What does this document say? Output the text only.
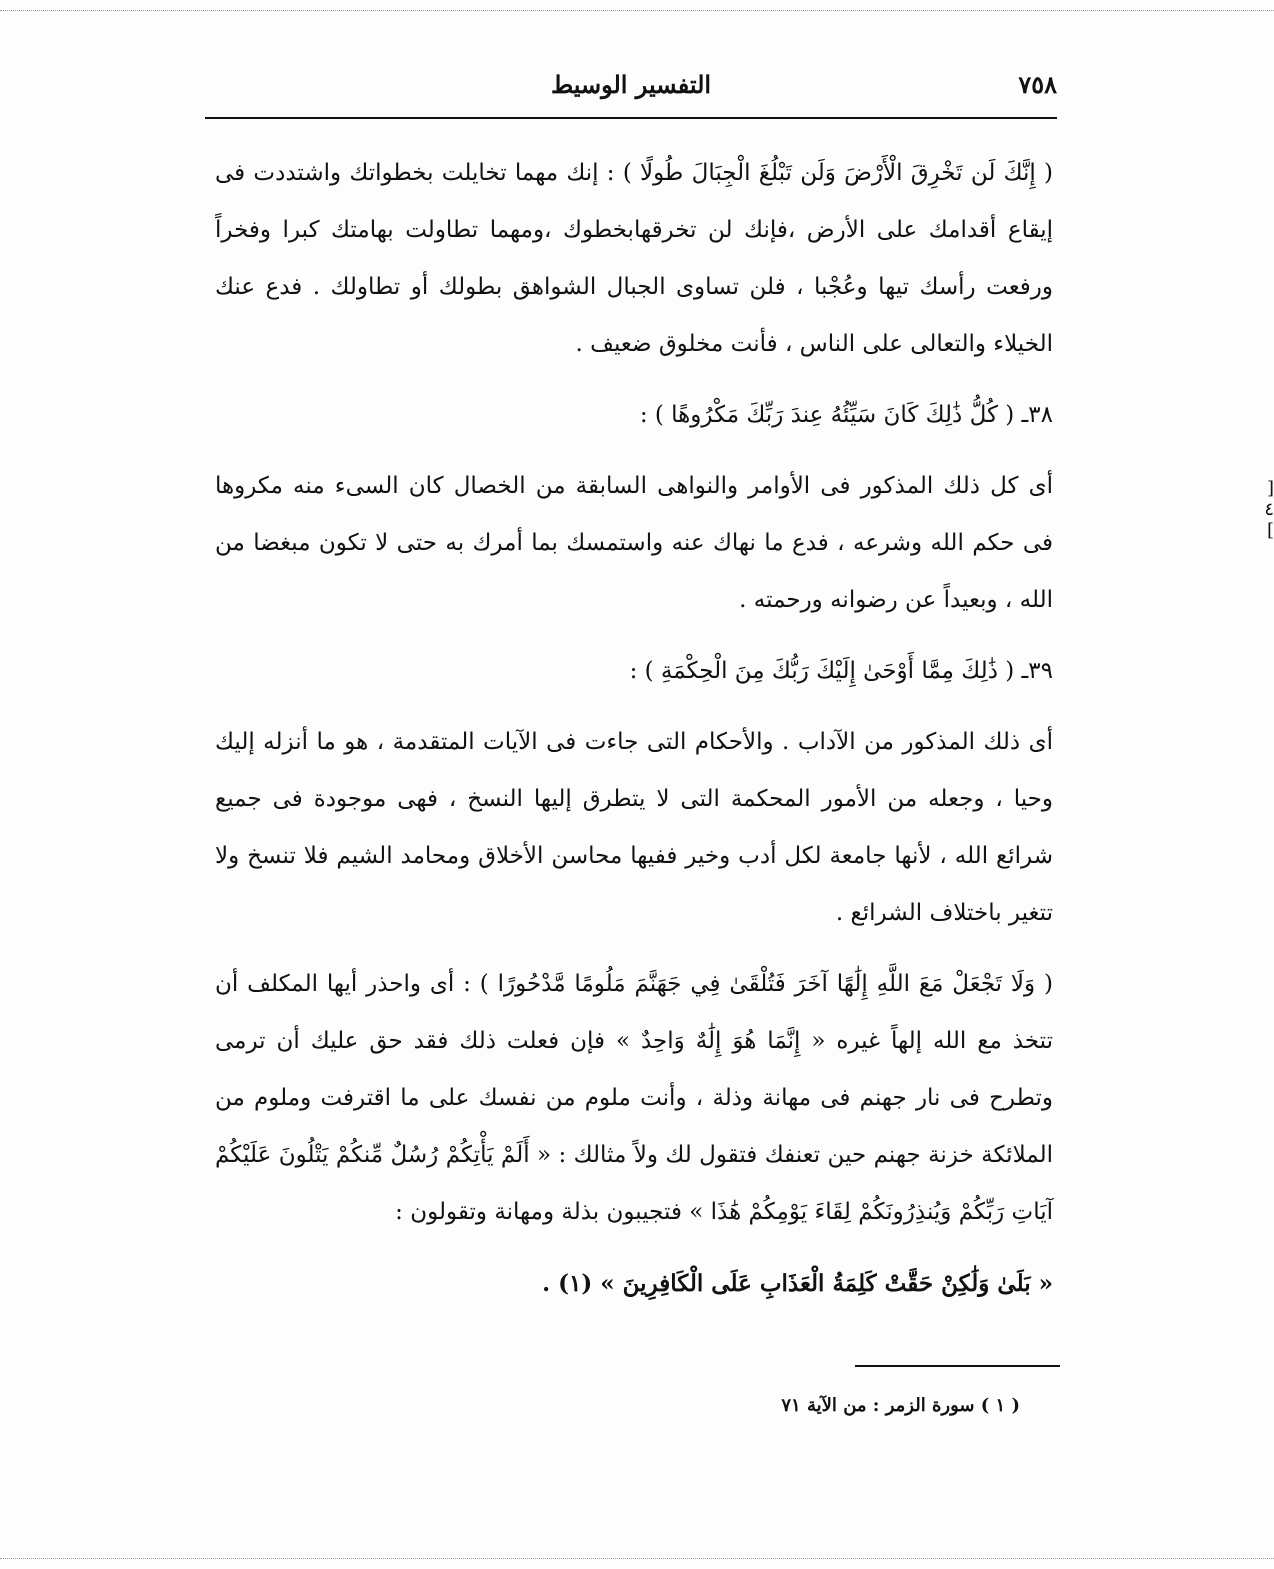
٧٥٨
التفسير الوسيط
[ ٤ ]

( إِنَّكَ لَن تَخْرِقَ الْأَرْضَ وَلَن تَبْلُغَ الْجِبَالَ طُولًا ) : إنك مهما تخايلت بخطواتك واشتددت فى إيقاع أقدامك على الأرض ،فإنك لن تخرقهابخطوك ،ومهما تطاولت بهامتك كبرا وفخراً ورفعت رأسك تيها وعُجْبا ، فلن تساوى الجبال الشواهق بطولك أو تطاولك . فدع عنك الخيلاء والتعالى على الناس ، فأنت مخلوق ضعيف .

٣٨ـ ( كُلُّ ذَٰلِكَ كَانَ سَيِّئُهُ عِندَ رَبِّكَ مَكْرُوهًا ) :

أى كل ذلك المذكور فى الأوامر والنواهى السابقة من الخصال كان السىء منه مكروها فى حكم الله وشرعه ، فدع ما نهاك عنه واستمسك بما أمرك به حتى لا تكون مبغضا من الله ، وبعيداً عن رضوانه ورحمته .

٣٩ـ ( ذَٰلِكَ مِمَّا أَوْحَىٰ إِلَيْكَ رَبُّكَ مِنَ الْحِكْمَةِ ) :

أى ذلك المذكور من الآداب . والأحكام التى جاءت فى الآيات المتقدمة ، هو ما أنزله إليك وحيا ، وجعله من الأمور المحكمة التى لا يتطرق إليها النسخ ، فهى موجودة فى جميع شرائع الله ، لأنها جامعة لكل أدب وخير ففيها محاسن الأخلاق ومحامد الشيم فلا تنسخ ولا تتغير باختلاف الشرائع .

( وَلَا تَجْعَلْ مَعَ اللَّهِ إِلَٰهًا آخَرَ فَتُلْقَىٰ فِي جَهَنَّمَ مَلُومًا مَّدْحُورًا ) : أى واحذر أيها المكلف أن تتخذ مع الله إلهاً غيره « إِنَّمَا هُوَ إِلَٰهٌ وَاحِدٌ » فإن فعلت ذلك فقد حق عليك أن ترمى وتطرح فى نار جهنم فى مهانة وذلة ، وأنت ملوم من نفسك على ما اقترفت وملوم من الملائكة خزنة جهنم حين تعنفك فتقول لك ولاً مثالك : « أَلَمْ يَأْتِكُمْ رُسُلٌ مِّنكُمْ يَتْلُونَ عَلَيْكُمْ آيَاتِ رَبِّكُمْ وَيُنذِرُونَكُمْ لِقَاءَ يَوْمِكُمْ هَٰذَا » فتجيبون بذلة ومهانة وتقولون :

« بَلَىٰ وَلَٰكِنْ حَقَّتْ كَلِمَةُ الْعَذَابِ عَلَى الْكَافِرِينَ » (١) .

( ١ ) سورة الزمر : من الآية ٧١
